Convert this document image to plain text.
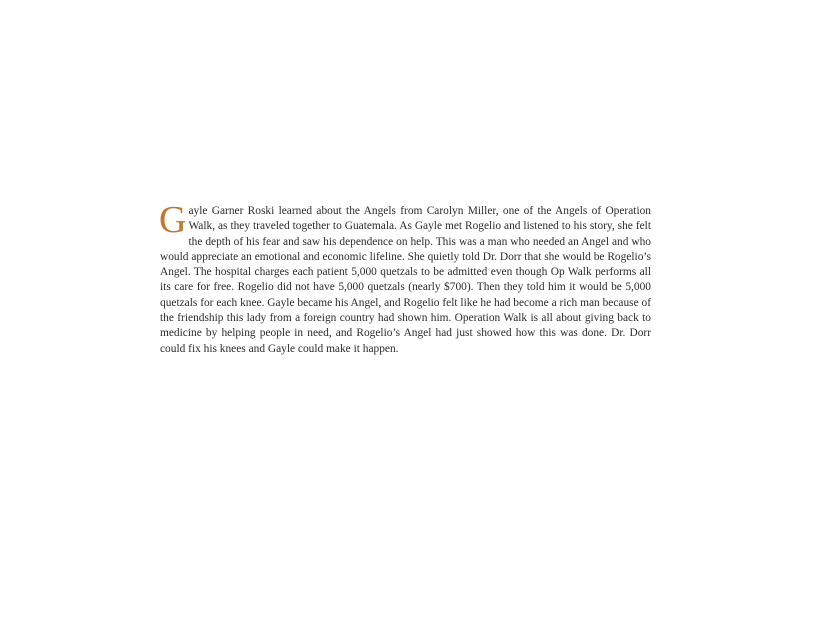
Gayle Garner Roski learned about the Angels from Carolyn Miller, one of the Angels of Operation Walk, as they traveled together to Guatemala. As Gayle met Rogelio and listened to his story, she felt the depth of his fear and saw his dependence on help. This was a man who needed an Angel and who would appreciate an emotional and economic lifeline. She quietly told Dr. Dorr that she would be Rogelio’s Angel. The hospital charges each patient 5,000 quetzals to be admitted even though Op Walk performs all its care for free. Rogelio did not have 5,000 quetzals (nearly $700). Then they told him it would be 5,000 quetzals for each knee. Gayle became his Angel, and Rogelio felt like he had become a rich man because of the friendship this lady from a foreign country had shown him. Operation Walk is all about giving back to medicine by helping people in need, and Rogelio’s Angel had just showed how this was done. Dr. Dorr could fix his knees and Gayle could make it happen.
